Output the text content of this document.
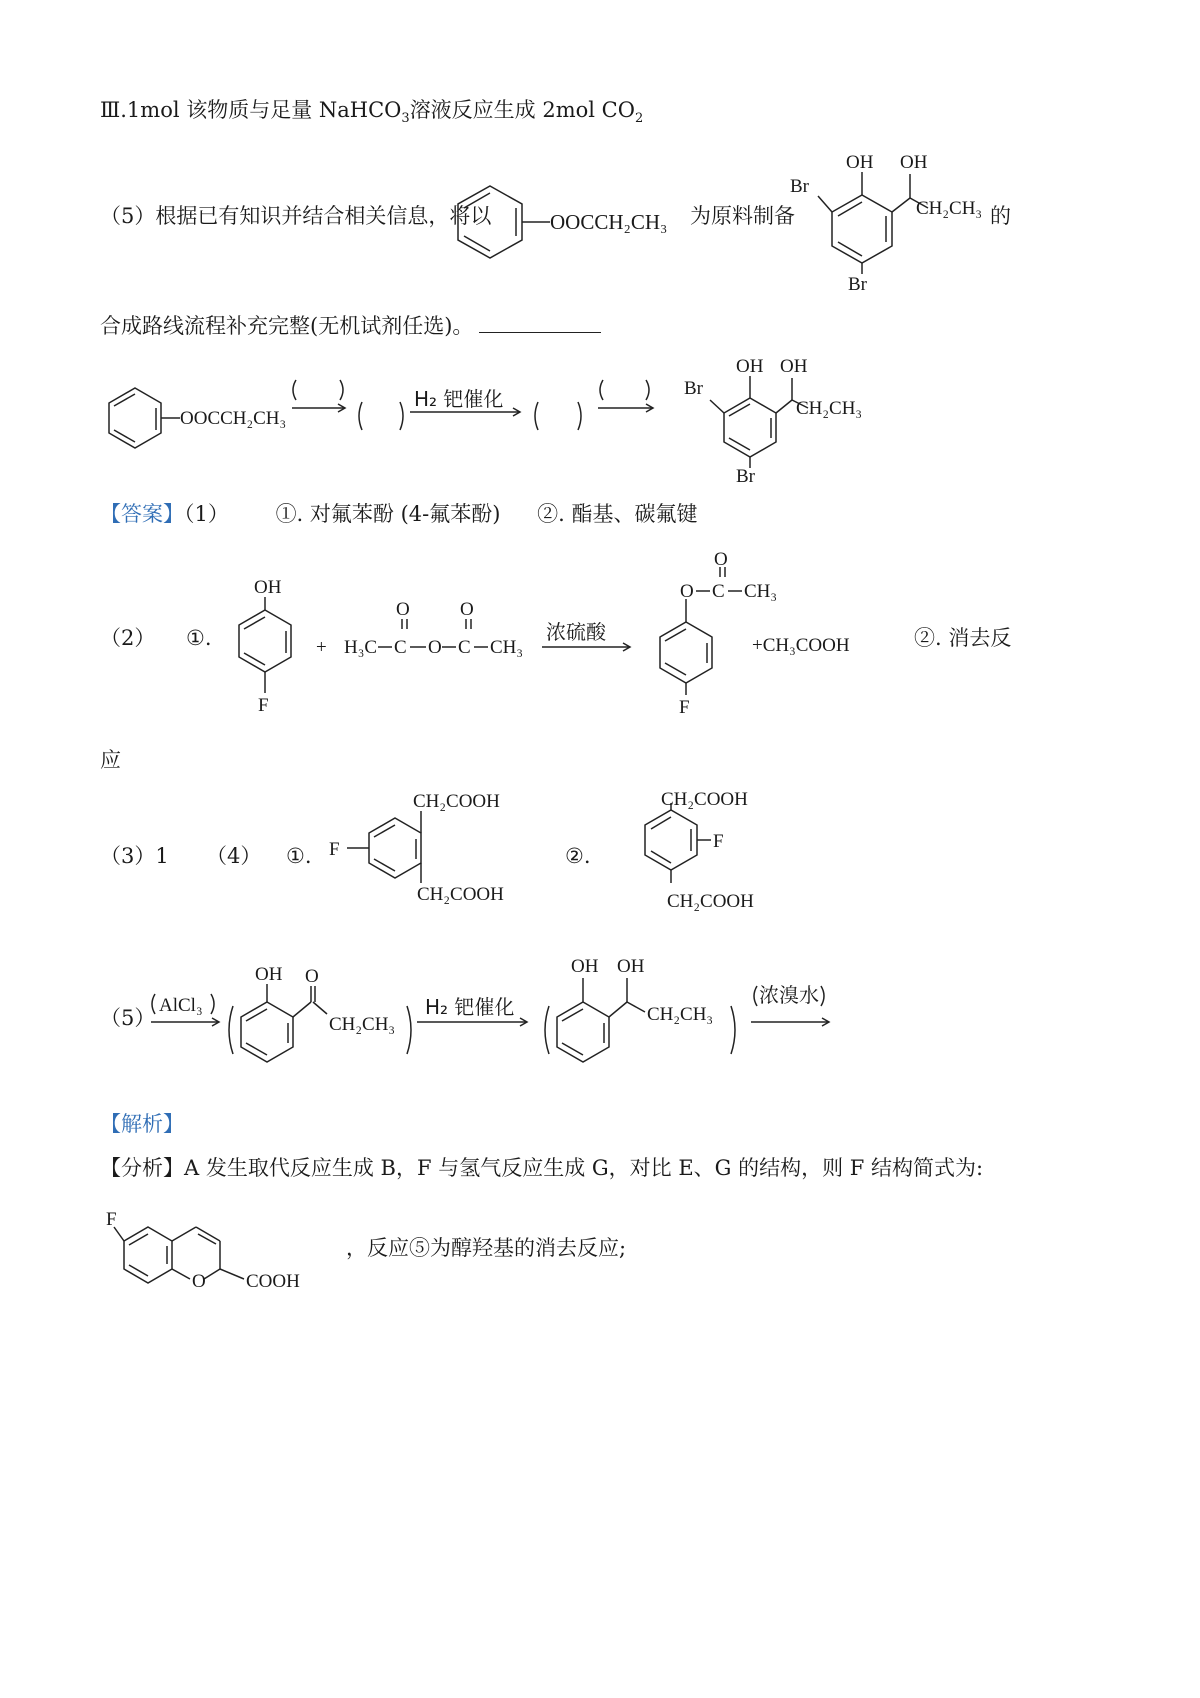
Ⅲ.1mol 该物质与足量 NaHCO$_3$溶液反应生成 2mol $CO_2$
（5）根据已有知识并结合相关信息，将以	OOCCH₂CH₃ 为原料制备
OH
Br
Br
OH
CH₂CH₃ 的
合成路线流程补充完整(无机试剂任选)。
OOCCH₂CH₃
H₂ 钯催化
OH
Br
Br
OH
CH₂CH₃
【答案】（1） ①. 对氟苯酚 (4-氟苯酚) ②. 酯基、碳氟键
（2） ①.
OH
F
+ H₃C C
O
O C
O
CH₃
浓硫酸
O C
O
CH₃
F
+CH₃COOH	②. 消去反
应
（3）1 （4） ①. F
CH₂COOH
CH₂COOH
②.
CH₂COOH
F
CH₂COOH
（5）
AlCl₃
OH O
CH₂CH₃
H₂ 钯催化
OH OH
CH₂CH₃
浓溴水
【解析】
【分析】A 发生取代反应生成 B，F 与氢气反应生成 G，对比 E、G 的结构，则 F 结构简式为:
F
O COOH
，反应⑤为醇羟基的消去反应;
